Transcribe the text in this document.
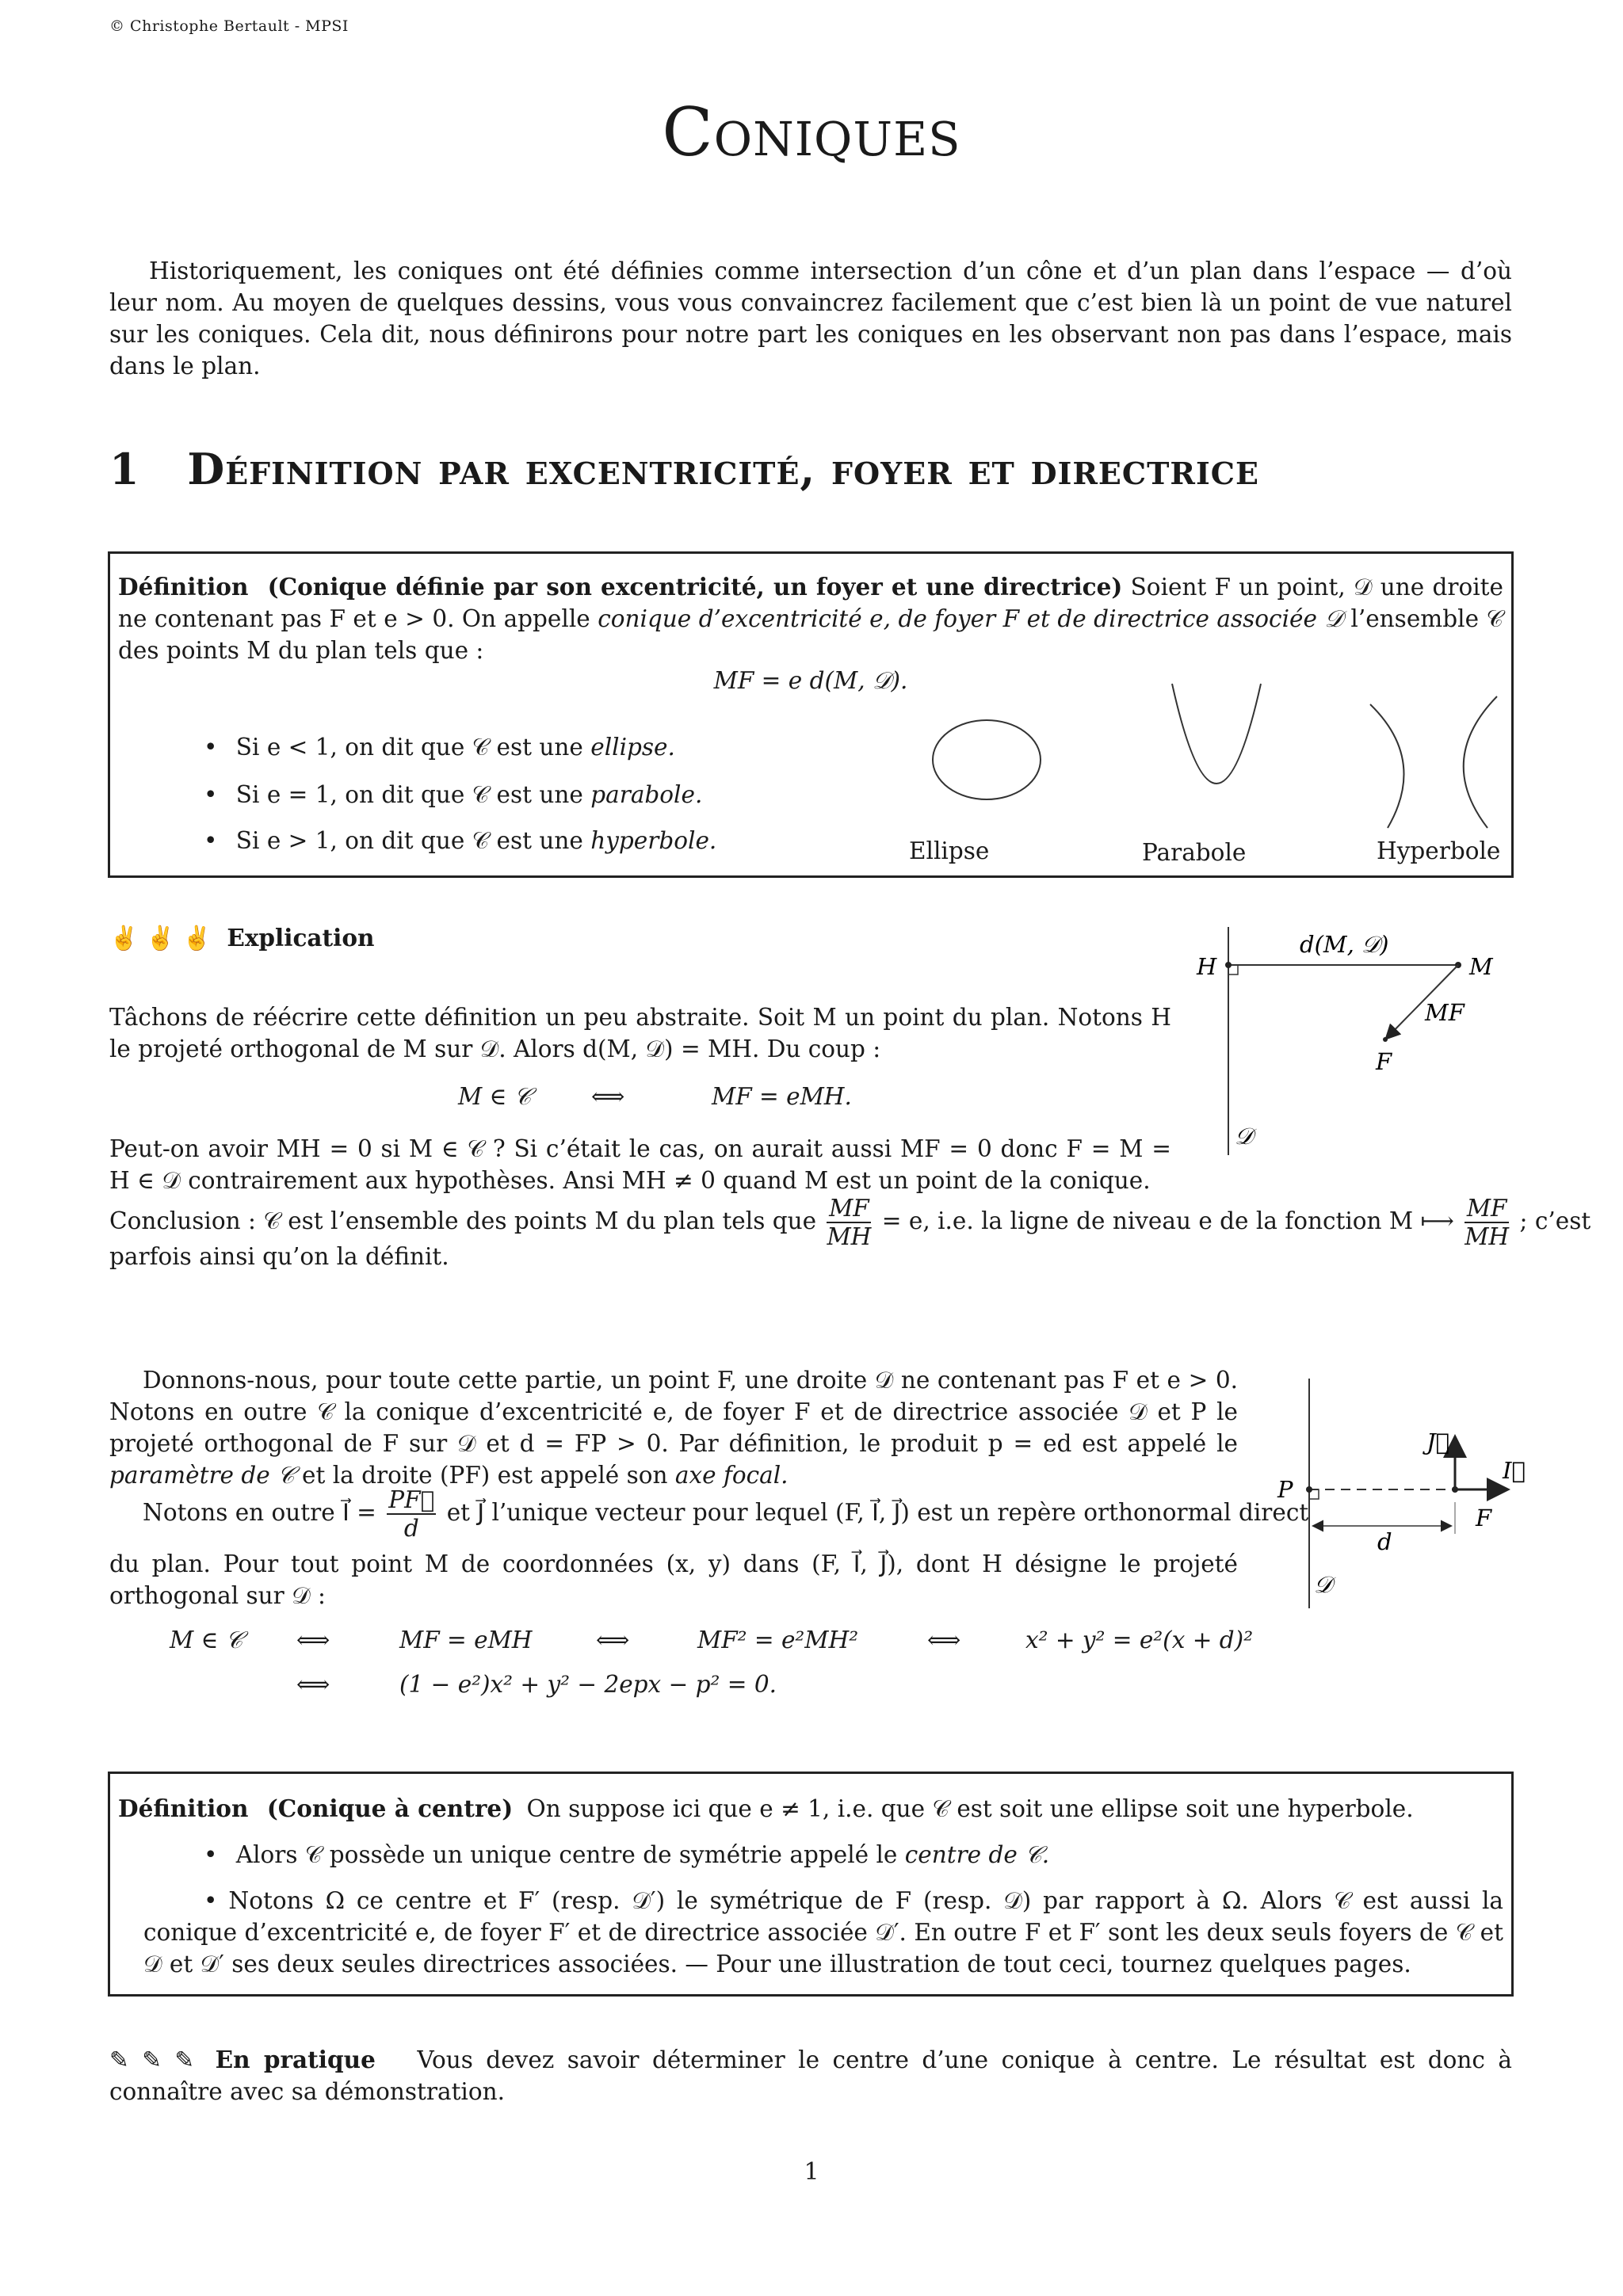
© Christophe Bertault - MPSI
Coniques
Historiquement, les coniques ont été définies comme intersection d’un cône et d’un plan dans l’espace — d’où leur nom. Au moyen de quelques dessins, vous vous convaincrez facilement que c’est bien là un point de vue naturel sur les coniques. Cela dit, nous définirons pour notre part les coniques en les observant non pas dans l’espace, mais dans le plan.
1 Définition par excentricité, foyer et directrice
Définition (Conique définie par son excentricité, un foyer et une directrice) Soient F un point, 𝒟 une droite ne contenant pas F et e > 0. On appelle conique d’excentricité e, de foyer F et de directrice associée 𝒟 l’ensemble 𝒞 des points M du plan tels que :
MF = e d(M, 𝒟).
• Si e < 1, on dit que 𝒞 est une ellipse.
• Si e = 1, on dit que 𝒞 est une parabole.
• Si e > 1, on dit que 𝒞 est une hyperbole.	Ellipse	Parabole	Hyperbole
✌ ✌ ✌ Explication
Tâchons de réécrire cette définition un peu abstraite. Soit M un point du plan. Notons H le projeté orthogonal de M sur 𝒟. Alors d(M, 𝒟) = MH. Du coup :
M ∈ 𝒞	⟺	MF = eMH.
Peut-on avoir MH = 0 si M ∈ 𝒞 ? Si c’était le cas, on aurait aussi MF = 0 donc F = M = H ∈ 𝒟 contrairement aux hypothèses. Ansi MH ≠ 0 quand M est un point de la conique.
Conclusion : 𝒞 est l’ensemble des points M du plan tels que $\frac{MF}{MH} = e$, i.e. la ligne de niveau e de la fonction M ⟼ $\frac{MF}{MH}$ ; c’est
parfois ainsi qu’on la définit.
H	M
d(M, 𝒟)
MF
F
𝒟
Donnons-nous, pour toute cette partie, un point F, une droite 𝒟 ne contenant pas F et e > 0. Notons en outre 𝒞 la conique d’excentricité e, de foyer F et de directrice associée 𝒟 et P le projeté orthogonal de F sur 𝒟 et d = FP > 0. Par définition, le produit p = ed est appelé le paramètre de 𝒞 et la droite (PF) est appelé son axe focal.
Notons en outre I⃗ = $\frac{PF⃗}{d}$ et J⃗ l’unique vecteur pour lequel (F, I⃗, J⃗) est un repère orthonormal direct
du plan. Pour tout point M de coordonnées (x, y) dans (F, I⃗, J⃗), dont H désigne le projeté orthogonal sur 𝒟 :
M ∈ 𝒞 ⟺	MF = eMH	⟺	MF² = e²MH²	⟺	x² + y² = e²(x + d)²
⟺	(1 − e²)x² + y² − 2epx − p² = 0.
P
F
d
I⃗
J⃗
𝒟
Définition (Conique à centre) On suppose ici que e ≠ 1, i.e. que 𝒞 est soit une ellipse soit une hyperbole.
• Alors 𝒞 possède un unique centre de symétrie appelé le centre de 𝒞.
• Notons Ω ce centre et F′ (resp. 𝒟′) le symétrique de F (resp. 𝒟) par rapport à Ω. Alors 𝒞 est aussi la conique d’excentricité e, de foyer F′ et de directrice associée 𝒟′. En outre F et F′ sont les deux seuls foyers de 𝒞 et 𝒟 et 𝒟′ ses deux seules directrices associées. — Pour une illustration de tout ceci, tournez quelques pages.
✎ ✎ ✎ En pratique Vous devez savoir déterminer le centre d’une conique à centre. Le résultat est donc à connaître avec sa démonstration.
1
